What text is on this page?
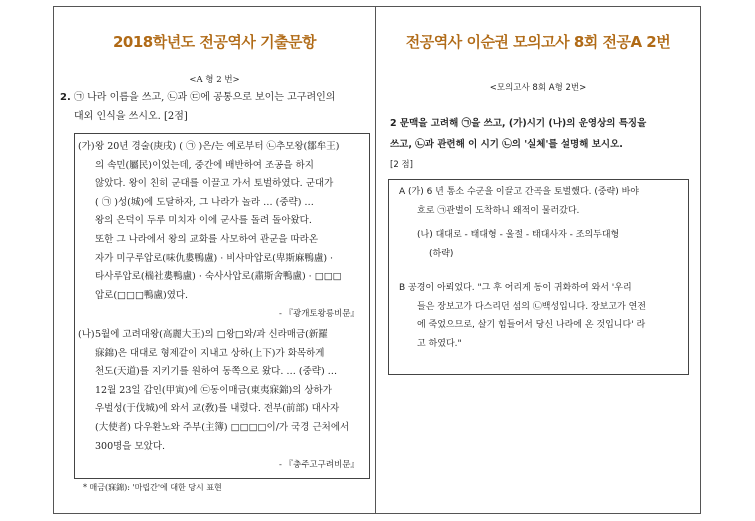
2018학년도 전공역사 기출문항
<A 형 2 번>
2. ㉠ 나라 이름을 쓰고, ㉡과 ㉢에 공통으로 보이는 고구려인의
대외 인식을 쓰시오. [2점]
(가) 왕 20년 경술(庚戌) ( ㉠ )은/는 예로부터 ㉡추모왕(鄒牟王)
의 속민(屬民)이었는데, 중간에 배반하여 조공을 하지
않았다. 왕이 친히 군대를 이끌고 가서 토벌하였다. 군대가
( ㉠ )성(城)에 도달하자, 그 나라가 놀라 … (중략) …
왕의 은덕이 두루 미치자 이에 군사를 돌려 돌아왔다.
또한 그 나라에서 왕의 교화를 사모하여 관군을 따라온
자가 미구루압로(味仇婁鴨盧) · 비사마압로(卑斯麻鴨盧) ·
타사루압로(椯社婁鴨盧) · 숙사사압로(肅斯舍鴨盧) · □□□
압로(□□□鴨盧)였다.
- 『광개토왕릉비문』
(나) 5월에 고려대왕(高麗大王)의 □왕□와/과 신라매금(新羅
寐錦)은 대대로 형제같이 지내고 상하(上下)가 화목하게
천도(天道)를 지키기를 원하여 동쪽으로 왔다. … (중략) …
12월 23일 갑인(甲寅)에 ㉢동이매금(東夷寐錦)의 상하가
우벌성(于伐城)에 와서 교(敎)를 내렸다. 전부(前部) 대사자
(大使者) 다우환노와 주부(主簿) □□□□이/가 국경 근처에서
300명을 모았다.
- 『충주고구려비문』
* 매금(寐錦): '마립간'에 대한 당시 표현
전공역사 이순권 모의고사 8회 전공A 2번
<모의고사 8회 A형 2번>
2 문맥을 고려해 ㉠을 쓰고, (가)시기 (나)의 운영상의 특징을
쓰고, ㉡과 관련해 이 시기 ㉡의 '실체'를 설명해 보시오.
[2 점]
A (가) 6 년 통소 수군을 이끌고 간곡을 토벌했다. (중략) 바야
흐로 ㉠관벌이 도착하니 왜적이 물러갔다.
(나) 대대로 - 태대형 - 울절 - 태대사자 - 조의두대형
(하략)
B 공경이 아뢰었다. "그 후 어리게 동이 귀화하여 와서 '우리
들은 장보고가 다스리던 섬의 ㉡백성입니다. 장보고가 연전
에 죽었으므로, 살기 힘들어서 당신 나라에 온 것입니다' 라
고 하였다."
